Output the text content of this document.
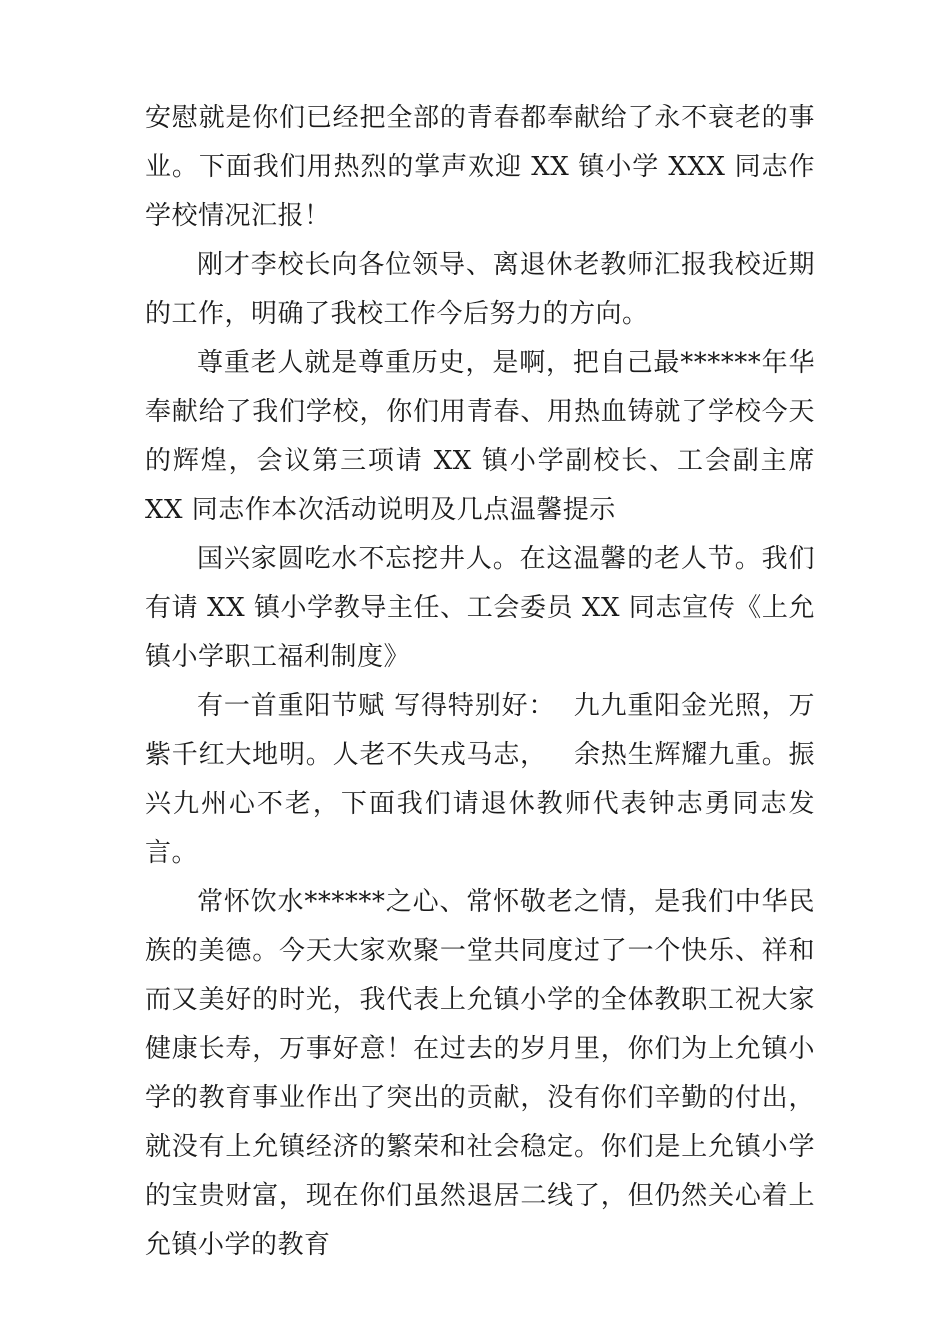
安慰就是你们已经把全部的青春都奉献给了永不衰老的事业。下面我们用热烈的掌声欢迎 XX 镇小学 XXX 同志作学校情况汇报！

刚才李校长向各位领导、离退休老教师汇报我校近期的工作，明确了我校工作今后努力的方向。

尊重老人就是尊重历史，是啊，把自己最******年华奉献给了我们学校，你们用青春、用热血铸就了学校今天的辉煌，会议第三项请 XX 镇小学副校长、工会副主席 XX 同志作本次活动说明及几点温馨提示

国兴家圆吃水不忘挖井人。在这温馨的老人节。我们有请 XX 镇小学教导主任、工会委员 XX 同志宣传《上允镇小学职工福利制度》

有一首重阳节赋 写得特别好：  九九重阳金光照，万紫千红大地明。人老不失戎马志，   余热生辉耀九重。振兴九州心不老，下面我们请退休教师代表钟志勇同志发言。

常怀饮水******之心、常怀敬老之情，是我们中华民族的美德。今天大家欢聚一堂共同度过了一个快乐、祥和而又美好的时光，我代表上允镇小学的全体教职工祝大家健康长寿，万事好意！在过去的岁月里，你们为上允镇小学的教育事业作出了突出的贡献，没有你们辛勤的付出，就没有上允镇经济的繁荣和社会稳定。你们是上允镇小学的宝贵财富，现在你们虽然退居二线了，但仍然关心着上允镇小学的教育
